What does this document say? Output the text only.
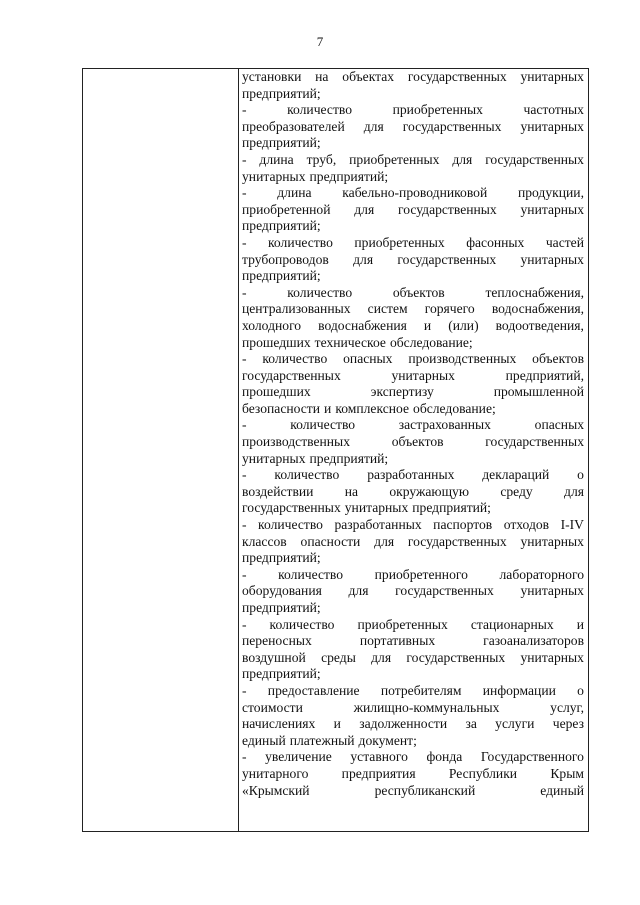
7
установки на объектах государственных унитарных
предприятий;
-	количество	приобретенных	частотных
преобразователей для государственных унитарных
предприятий;
- длина труб, приобретенных для государственных
унитарных предприятий;
- длина кабельно-проводниковой продукции,
приобретенной для государственных унитарных
предприятий;
- количество приобретенных фасонных частей
трубопроводов для государственных унитарных
предприятий;
-	количество	объектов	теплоснабжения,
централизованных систем горячего водоснабжения,
холодного водоснабжения и (или) водоотведения,
прошедших техническое обследование;
- количество опасных производственных объектов
государственных	унитарных	предприятий,
прошедших	экспертизу	промышленной
безопасности и комплексное обследование;
-	количество	застрахованных	опасных
производственных	объектов	государственных
унитарных предприятий;
- количество разработанных деклараций о
воздействии на окружающую среду для
государственных унитарных предприятий;
- количество разработанных паспортов отходов I-IV
классов опасности для государственных унитарных
предприятий;
- количество приобретенного лабораторного
оборудования для государственных унитарных
предприятий;
- количество приобретенных стационарных и
переносных	портативных	газоанализаторов
воздушной среды для государственных унитарных
предприятий;
- предоставление потребителям информации о
стоимости	жилищно-коммунальных	услуг,
начислениях и задолженности за услуги через
единый платежный документ;
- увеличение уставного фонда Государственного
унитарного предприятия Республики Крым
«Крымский	республиканский	единый
